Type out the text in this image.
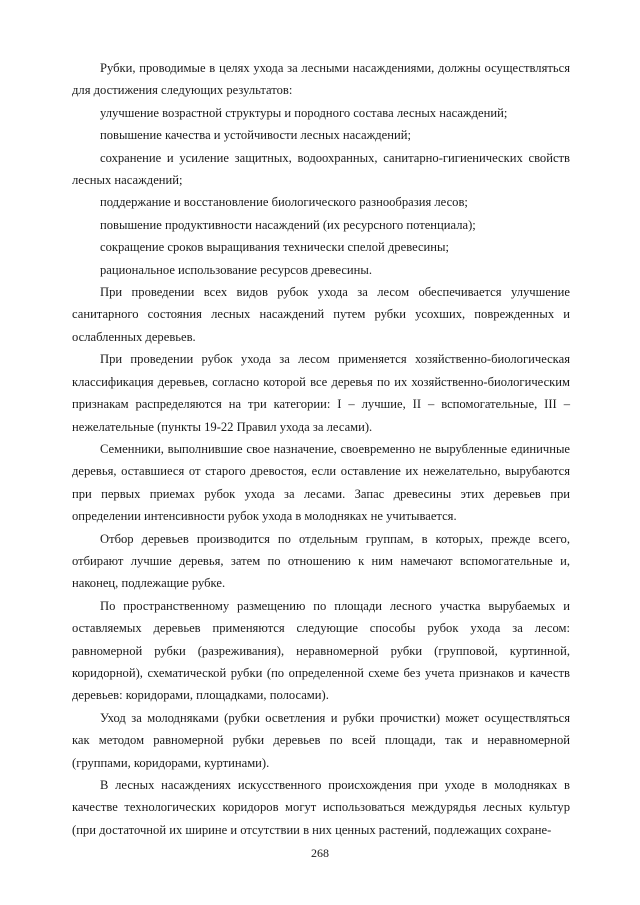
Рубки, проводимые в целях ухода за лесными насаждениями, должны осуществляться для достижения следующих результатов:

улучшение возрастной структуры и породного состава лесных насаждений;

повышение качества и устойчивости лесных насаждений;

сохранение и усиление защитных, водоохранных, санитарно-гигиенических свойств лесных насаждений;

поддержание и восстановление биологического разнообразия лесов;

повышение продуктивности насаждений (их ресурсного потенциала);

сокращение сроков выращивания технически спелой древесины;

рациональное использование ресурсов древесины.

При проведении всех видов рубок ухода за лесом обеспечивается улучшение санитарного состояния лесных насаждений путем рубки усохших, поврежденных и ослабленных деревьев.

При проведении рубок ухода за лесом применяется хозяйственно-биологическая классификация деревьев, согласно которой все деревья по их хозяйственно-биологическим признакам распределяются на три категории: I – лучшие, II – вспомогательные, III – нежелательные (пункты 19-22 Правил ухода за лесами).

Семенники, выполнившие свое назначение, своевременно не вырубленные единичные деревья, оставшиеся от старого древостоя, если оставление их нежелательно, вырубаются при первых приемах рубок ухода за лесами. Запас древесины этих деревьев при определении интенсивности рубок ухода в молодняках не учитывается.

Отбор деревьев производится по отдельным группам, в которых, прежде всего, отбирают лучшие деревья, затем по отношению к ним намечают вспомогательные и, наконец, подлежащие рубке.

По пространственному размещению по площади лесного участка вырубаемых и оставляемых деревьев применяются следующие способы рубок ухода за лесом: равномерной рубки (разреживания), неравномерной рубки (групповой, куртинной, коридорной), схематической рубки (по определенной схеме без учета признаков и качеств деревьев: коридорами, площадками, полосами).

Уход за молодняками (рубки осветления и рубки прочистки) может осуществляться как методом равномерной рубки деревьев по всей площади, так и неравномерной (группами, коридорами, куртинами).

В лесных насаждениях искусственного происхождения при уходе в молодняках в качестве технологических коридоров могут использоваться междурядья лесных культур (при достаточной их ширине и отсутствии в них ценных растений, подлежащих сохране-

268
